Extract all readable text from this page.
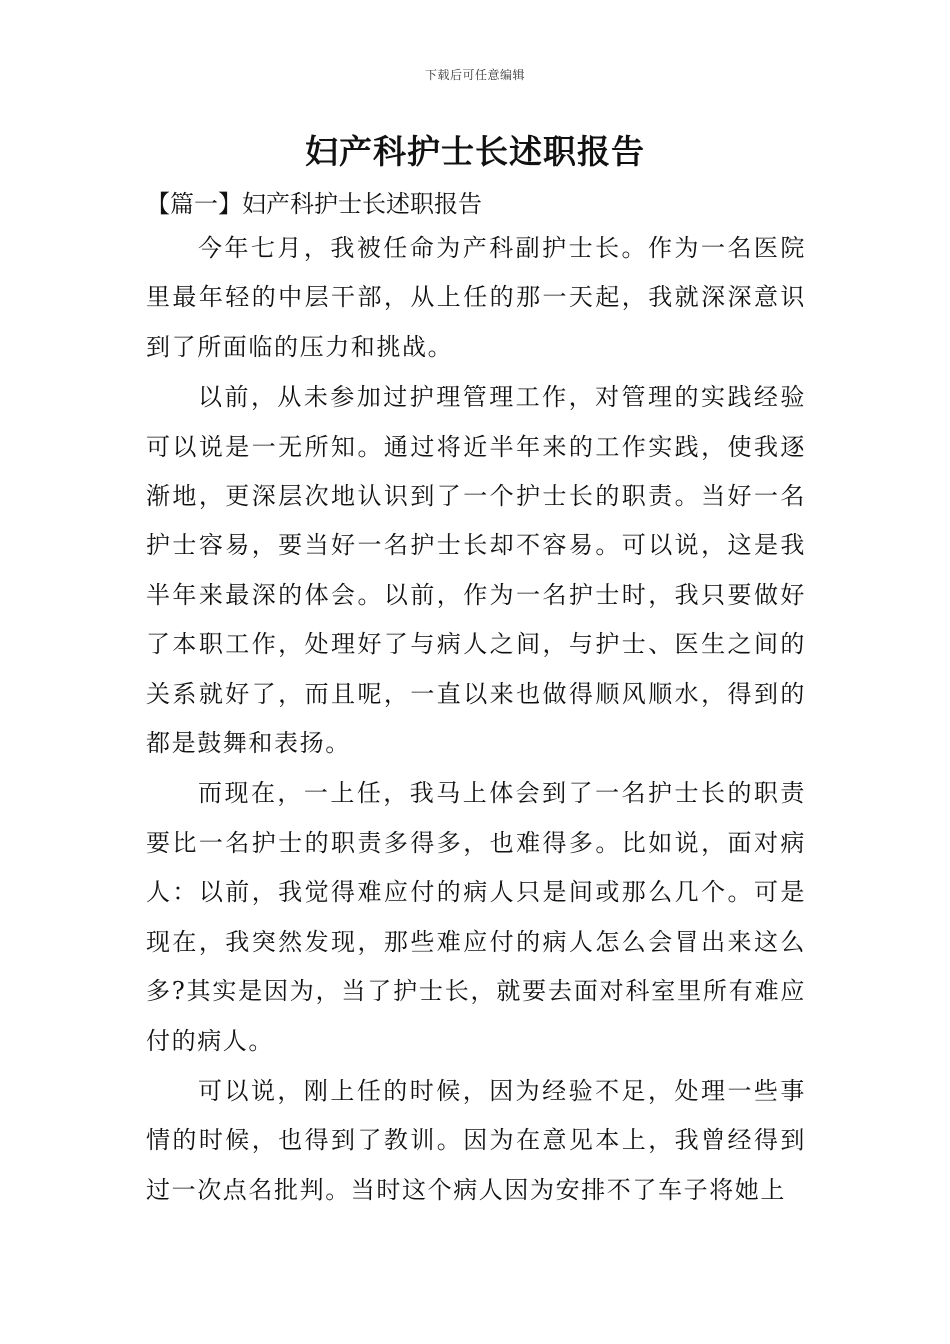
下载后可任意编辑
妇产科护士长述职报告
【篇一】妇产科护士长述职报告

今年七月，我被任命为产科副护士长。作为一名医院里最年轻的中层干部，从上任的那一天起，我就深深意识到了所面临的压力和挑战。

以前，从未参加过护理管理工作，对管理的实践经验可以说是一无所知。通过将近半年来的工作实践，使我逐渐地，更深层次地认识到了一个护士长的职责。当好一名护士容易，要当好一名护士长却不容易。可以说，这是我半年来最深的体会。以前，作为一名护士时，我只要做好了本职工作，处理好了与病人之间，与护士、医生之间的关系就好了，而且呢，一直以来也做得顺风顺水，得到的都是鼓舞和表扬。

而现在，一上任，我马上体会到了一名护士长的职责要比一名护士的职责多得多，也难得多。比如说，面对病人：以前，我觉得难应付的病人只是间或那么几个。可是现在，我突然发现，那些难应付的病人怎么会冒出来这么多?其实是因为，当了护士长，就要去面对科室里所有难应付的病人。

可以说，刚上任的时候，因为经验不足，处理一些事情的时候，也得到了教训。因为在意见本上，我曾经得到过一次点名批判。当时这个病人因为安排不了车子将她上
